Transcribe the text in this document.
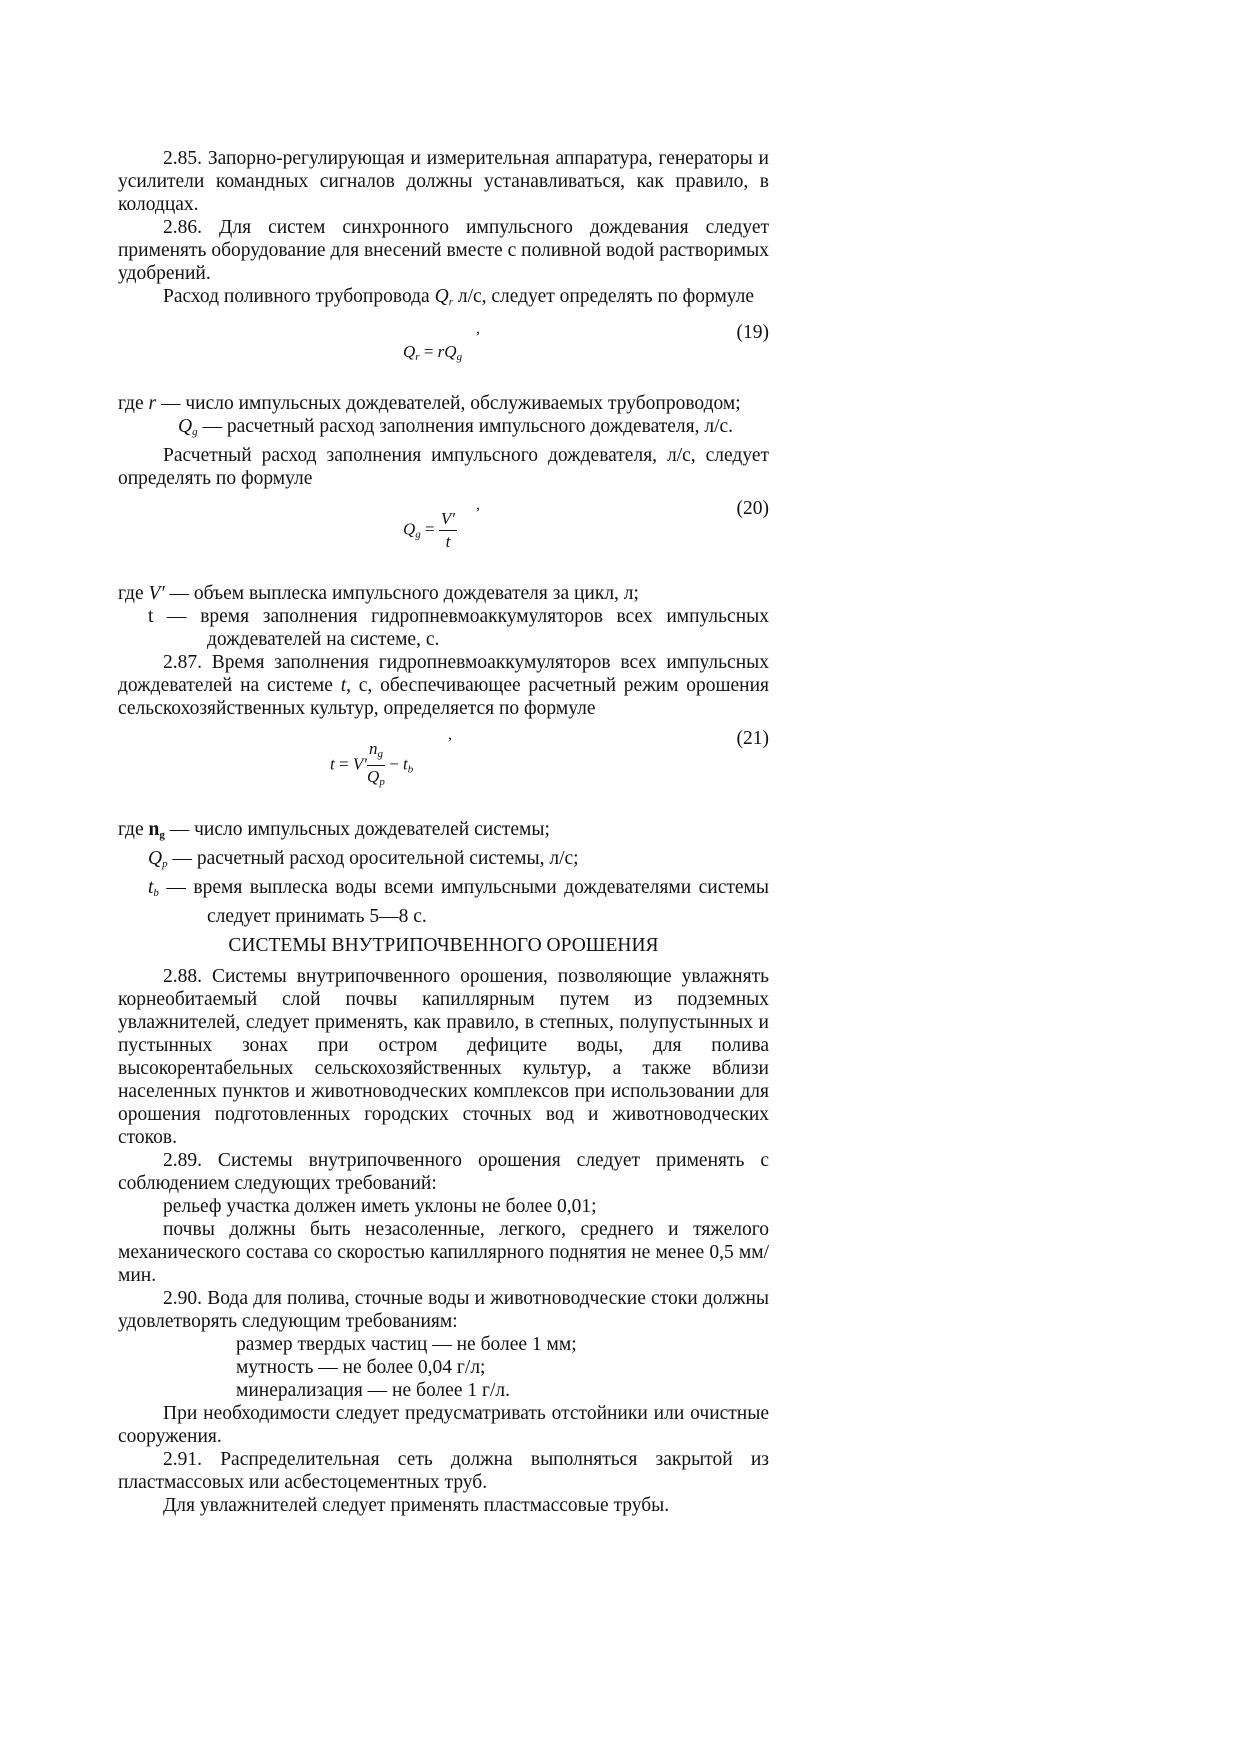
2.85. Запорно-регулирующая и измерительная аппаратура, генераторы и усилители командных сигналов должны устанавливаться, как правило, в колодцах.

2.86. Для систем синхронного импульсного дождевания следует применять оборудование для внесений вместе с поливной водой растворимых удобрений.

Расход поливного трубопровода $Q_r$ л/с, следует определять по формуле

$Q_r = rQ_g$
,	(19)

где r — число импульсных дождевателей, обслуживаемых трубопроводом;

$Q_g$ — расчетный расход заполнения импульсного дождевателя, л/с.

Расчетный расход заполнения импульсного дождевателя, л/с, следует определять по формуле

$Q_g = \frac{V'}{t}$
,	(20)

где V' — объем выплеска импульсного дождевателя за цикл, л;

t — время заполнения гидропневмоаккумуляторов всех импульсных дождевателей на системе, с.

2.87. Время заполнения гидропневмоаккумуляторов всех импульсных дождевателей на системе t, с, обеспечивающее расчетный режим орошения сельскохозяйственных культур, определяется по формуле

$t = V' \frac{n_g}{Q_p} - t_b$
,	(21)

где $n_g$ — число импульсных дождевателей системы;

$Q_p$ — расчетный расход оросительной системы, л/с;

$t_b$ — время выплеска воды всеми импульсными дождевателями системы следует принимать 5—8 с.

СИСТЕМЫ ВНУТРИПОЧВЕННОГО ОРОШЕНИЯ

2.88. Системы внутрипочвенного орошения, позволяющие увлажнять корнеобитаемый слой почвы капиллярным путем из подземных увлажнителей, следует применять, как правило, в степных, полупустынных и пустынных зонах при остром дефиците воды, для полива высокорентабельных сельскохозяйственных культур, а также вблизи населенных пунктов и животноводческих комплексов при использовании для орошения подготовленных городских сточных вод и животноводческих стоков.

2.89. Системы внутрипочвенного орошения следует применять с соблюдением следующих требований:

рельеф участка должен иметь уклоны не более 0,01;

почвы должны быть незасоленные, легкого, среднего и тяжелого механического состава со скоростью капиллярного поднятия не менее 0,5 мм/мин.

2.90. Вода для полива, сточные воды и животноводческие стоки должны удовлетворять следующим требованиям:

размер твердых частиц — не более 1 мм;

мутность — не более 0,04 г/л;

минерализация — не более 1 г/л.

При необходимости следует предусматривать отстойники или очистные сооружения.

2.91. Распределительная сеть должна выполняться закрытой из пластмассовых или асбестоцементных труб.

Для увлажнителей следует применять пластмассовые трубы.
